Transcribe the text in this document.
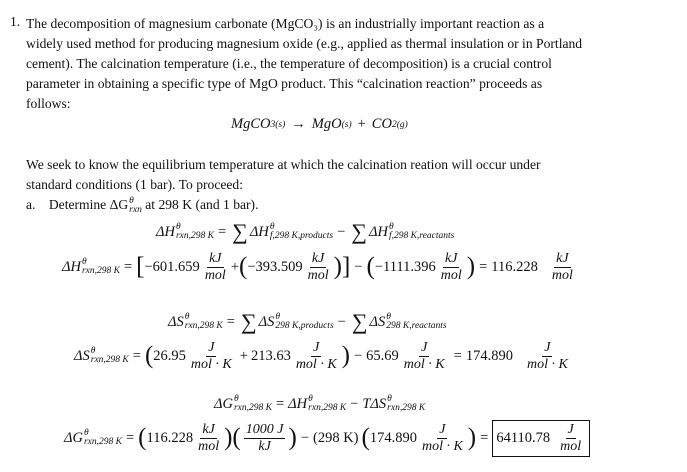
1. The decomposition of magnesium carbonate (MgCO₃) is an industrially important reaction as a
widely used method for producing magnesium oxide (e.g., applied as thermal insulation or in Portland
cement). The calcination temperature (i.e., the temperature of decomposition) is a crucial control
parameter in obtaining a specific type of MgO product. This “calcination reaction” proceeds as
follows:
MgCO 3(s) → MgO (s) + CO 2(g)
We seek to know the equilibrium temperature at which the calcination reation will occur under
standard conditions (1 bar). To proceed:
a. Determine ΔG θ
rxn at 298 K (and 1 bar).
ΔH θ
rxn,298 K = ∑ ΔH θ
f,298 K,products − ∑ ΔH θ
f,298 K,reactants
ΔH θ
rxn,298 K = [ $-601.659 \frac{kJ}{\text{mol}}$ + ( $-393.509 \frac{kJ}{\text{mol}}$ )] − ( $-1111.396 \frac{kJ}{\text{mol}}$ ) = $116.228 \frac{kJ}{\text{mol}}$
ΔS θ
rxn,298 K = ∑ ΔS θ
298 K,products − ∑ ΔS θ
298 K,reactants
ΔS θ
rxn,298 K = ( $26.95 \frac{J}{\text{mol · K}} + 213.63 \frac{J}{\text{mol · K}}$ ) − $65.69 \frac{J}{\text{mol · K}} = 174.890 \frac{J}{\text{mol · K}}$
ΔG θ
rxn,298 K = ΔH θ
rxn,298 K − TΔS θ
rxn,298 K
ΔG θ
rxn,298 K = ( $116.228 \frac{kJ}{\text{mol}}$ )( $\frac{1000 J}{kJ}$ ) − (298 K) ( $174.890 \frac{J}{\text{mol · K}}$ ) = $64110.78 \frac{J}{\text{mol}}$
